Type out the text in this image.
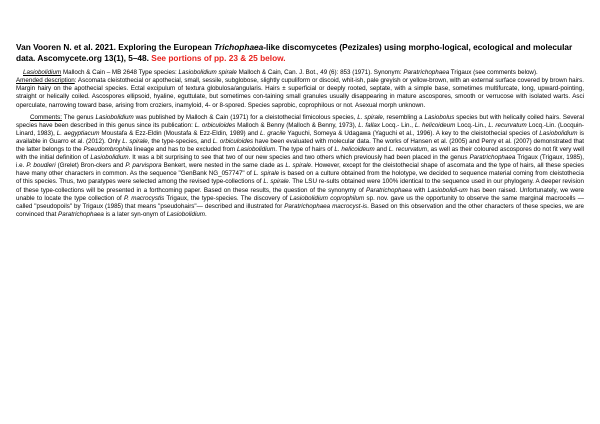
Van Vooren N. et al. 2021. Exploring the European Trichophaea-like discomycetes (Pezizales) using morpho-logical, ecological and molecular data. Ascomycete.org 13(1), 5–48. See portions of pp. 23 & 25 below.

Lasiobolidium Malloch & Cain – MB 2648 Type species: Lasiobolidium spirale Malloch & Cain, Can. J. Bot., 49 (6): 853 (1971). Synonym: Paratrichophaea Trigaux (see comments below).
Amended description: Ascomata cleistothecial or apothecial, small, sessile, subglobose, slightly cupuliform or discoid, whit-ish, pale greyish or yellow-brown, with an external surface covered by brown hairs. Margin hairy on the apothecial species. Ectal excipulum of textura globulosa/angularis. Hairs ± superficial or deeply rooted, septate, with a simple base, sometimes multifurcate, long, upward-pointing, straight or helically coiled. Ascospores ellipsoid, hyaline, eguttulate, but sometimes con-taining small granules usually disappearing in mature ascospores, smooth or verrucose with isolated warts. Asci operculate, narrowing toward base, arising from croziers, inamyloid, 4- or 8-spored. Species saprobic, coprophilous or not. Asexual morph unknown.

Comments: The genus Lasiobolidium was published by Malloch & Cain (1971) for a cleistothecial fimicolous species, L. spirale, resembling a Lasiobolus species but with helically coiled hairs. Several species have been described in this genus since its publication: L. orbiculoides Malloch & Benny (Malloch & Benny, 1973), L. fallax Locq.- Lin., L. helicoideum Locq.-Lin., L. recurvatum Locq.-Lin. (Locquin-Linard, 1983), L. aegyptiacum Moustafa & Ezz-Eldin (Moustafa & Ezz-Eldin, 1989) and L. gracile Yaguchi, Someya & Udagawa (Yaguchi et al., 1996). A key to the cleistothecial species of Lasiobolidium is available in Guarro et al. (2012). Only L. spirale, the type-species, and L. orbiculoides have been evaluated with molecular data. The works of Hansen et al. (2005) and Perry et al. (2007) demonstrated that the latter belongs to the Pseudombrophila lineage and has to be excluded from Lasiobolidium. The type of hairs of L. helicoideum and L. recurvatum, as well as their coloured ascospores do not fit very well with the initial definition of Lasiobolidium. It was a bit surprising to see that two of our new species and two others which previously had been placed in the genus Paratrichophaea Trigaux (Trigaux, 1985), i.e. P. boudieri (Grelet) Bron-ckers and P. parvispora Benkert, were nested in the same clade as L. spirale. However, except for the cleistothecial shape of ascomata and the type of hairs, all these species have many other characters in common. As the sequence "GenBank NG_057747" of L. spirale is based on a culture obtained from the holotype, we decided to sequence material coming from cleistothecia of this species. Thus, two paratypes were selected among the revised type-collections of L. spirale. The LSU re-sults obtained were 100% identical to the sequence used in our phylogeny. A deeper revision of these type-collections will be presented in a forthcoming paper. Based on these results, the question of the synonymy of Paratrichophaea with Lasiobolidi-um has been raised. Unfortunately, we were unable to locate the type collection of P. macrocystis Trigaux, the type-species. The discovery of Lasiobolidium coprophilum sp. nov. gave us the opportunity to observe the same marginal macrocells — called "pseudopoils" by Trigaux (1985) that means "pseudohairs"— described and illustrated for Paratrichophaea macrocyst-is. Based on this observation and the other characters of these species, we are convinced that Paratrichophaea is a later syn-onym of Lasiobolidium.
